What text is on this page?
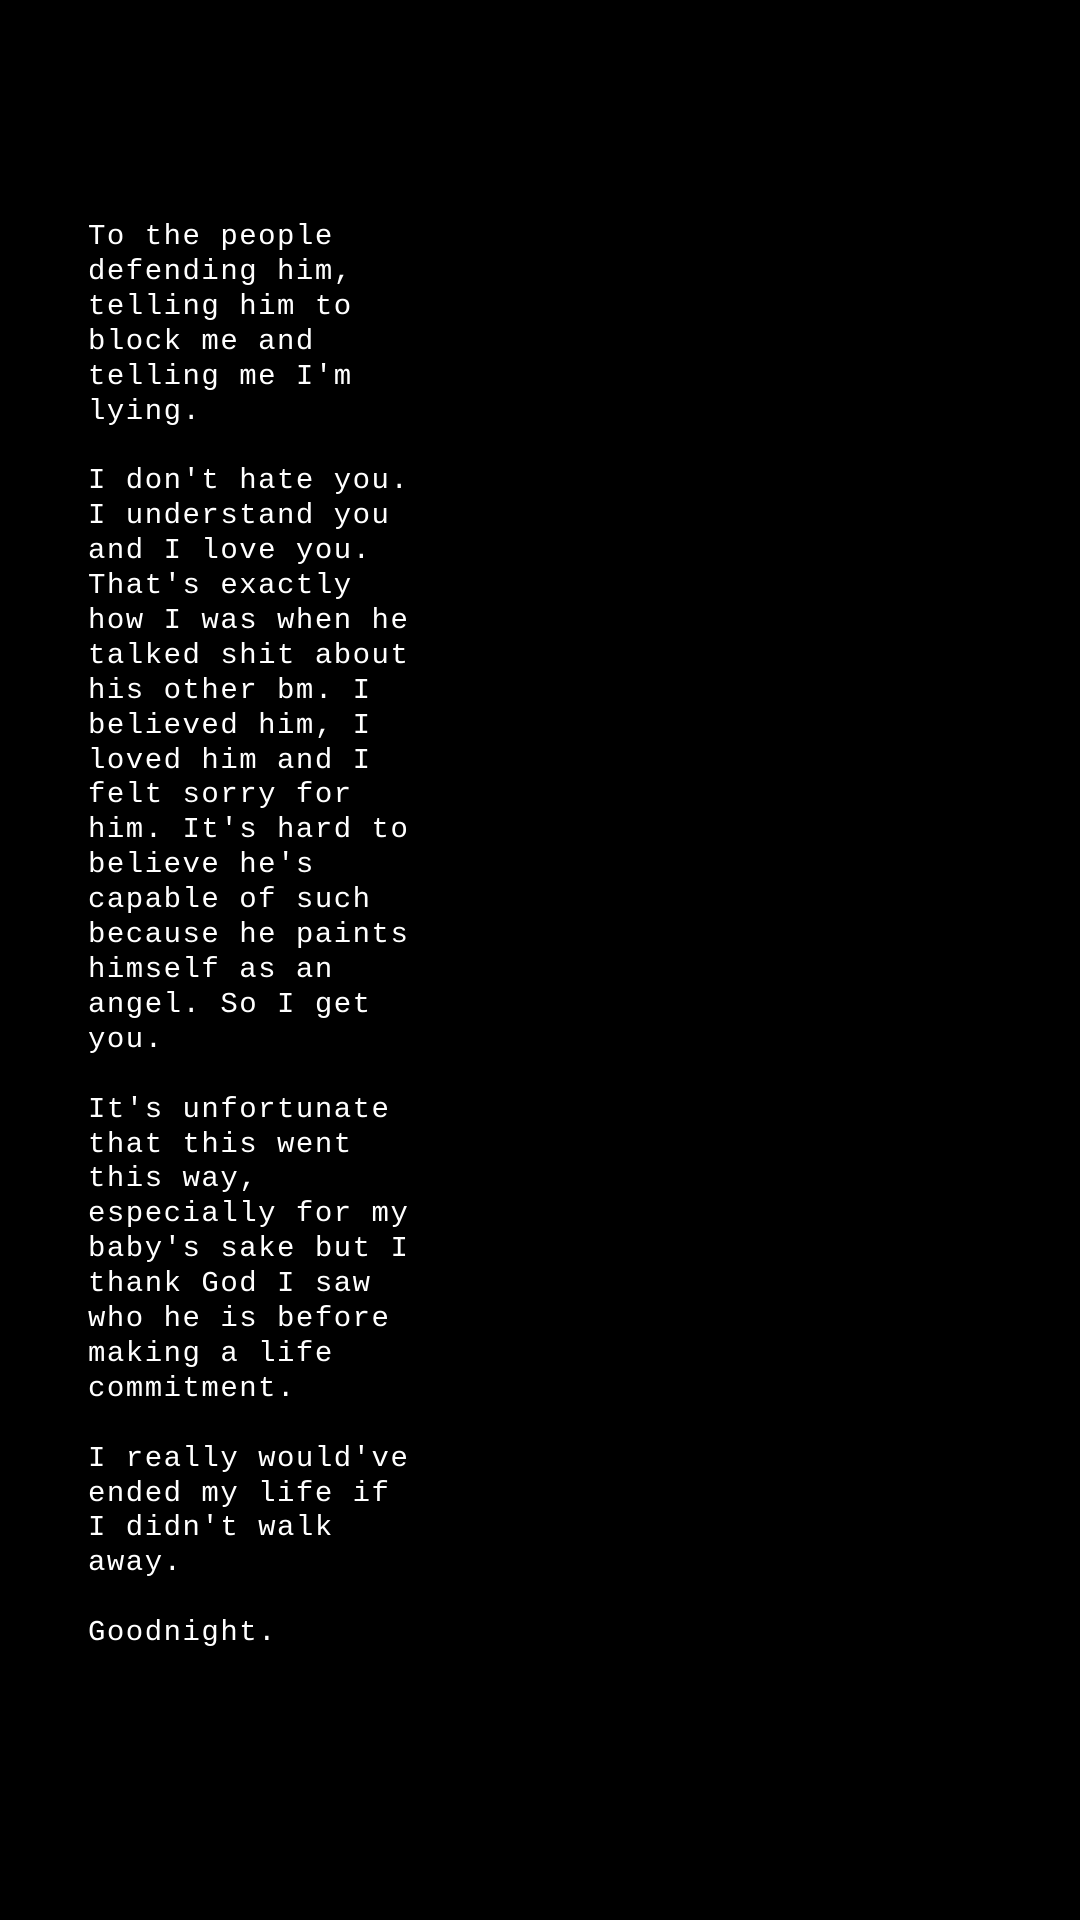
To the people
defending him,
telling him to
block me and
telling me I'm
lying.

I don't hate you.
I understand you
and I love you.
That's exactly
how I was when he
talked shit about
his other bm. I
believed him, I
loved him and I
felt sorry for
him. It's hard to
believe he's
capable of such
because he paints
himself as an
angel. So I get
you.

It's unfortunate
that this went
this way,
especially for my
baby's sake but I
thank God I saw
who he is before
making a life
commitment.

I really would've
ended my life if
I didn't walk
away.

Goodnight.
